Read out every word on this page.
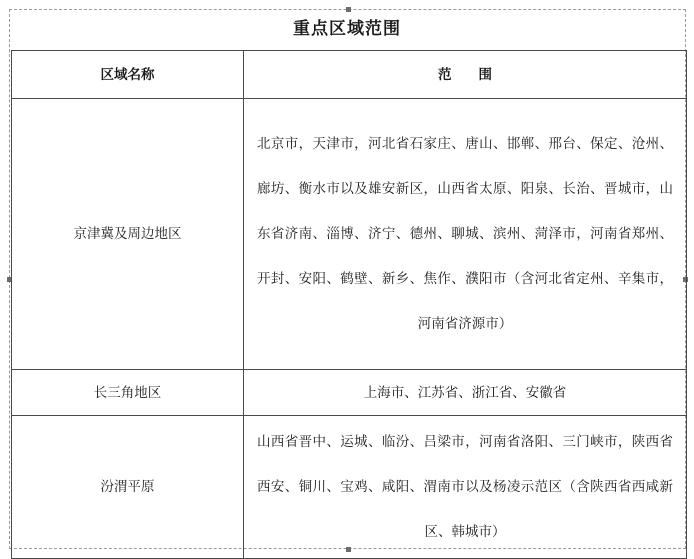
重点区域范围
区域名称	范　　围
京津冀及周边地区	北京市，天津市，河北省石家庄、唐山、邯郸、邢台、保定、沧州、廊坊、衡水市以及雄安新区，山西省太原、阳泉、长治、晋城市，山东省济南、淄博、济宁、德州、聊城、滨州、菏泽市，河南省郑州、开封、安阳、鹤壁、新乡、焦作、濮阳市（含河北省定州、辛集市，河南省济源市）

长三角地区	上海市、江苏省、浙江省、安徽省

汾渭平原	山西省晋中、运城、临汾、吕梁市，河南省洛阳、三门峡市，陕西省西安、铜川、宝鸡、咸阳、渭南市以及杨凌示范区（含陕西省西咸新区、韩城市）
